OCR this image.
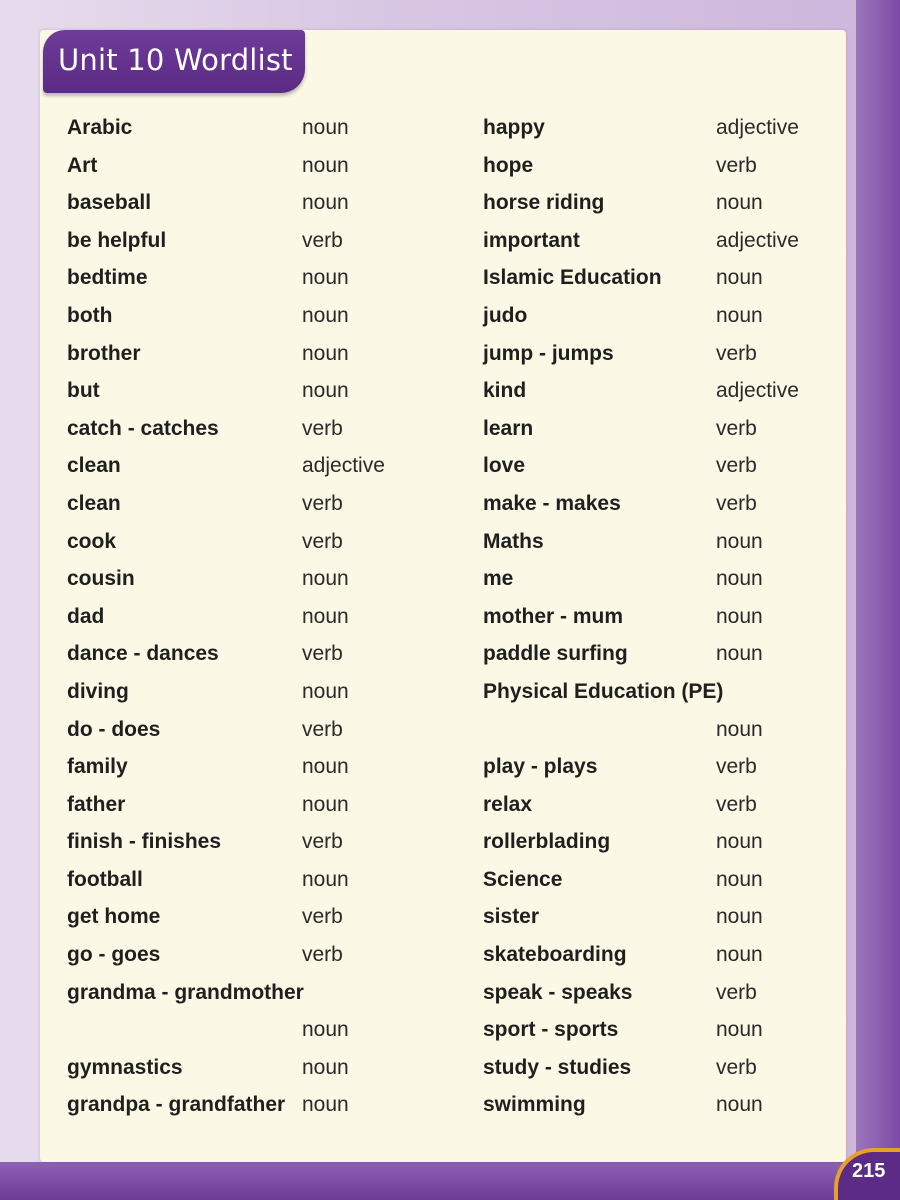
Unit 10 Wordlist
Arabic	noun
Art	noun
baseball	noun
be helpful	verb
bedtime	noun
both	noun
brother	noun
but	noun
catch - catches	verb
clean	adjective
clean	verb
cook	verb
cousin	noun
dad	noun
dance - dances	verb
diving	noun
do - does	verb
family	noun
father	noun
finish - finishes	verb
football	noun
get home	verb
go - goes	verb
grandma - grandmother
noun
gymnastics	noun
grandpa - grandfather noun
happy	adjective
hope	verb
horse riding	noun
important	adjective
Islamic Education	noun
judo	noun
jump - jumps	verb
kind	adjective
learn	verb
love	verb
make - makes	verb
Maths	noun
me	noun
mother - mum	noun
paddle surfing	noun
Physical Education (PE)
noun
play - plays	verb
relax	verb
rollerblading	noun
Science	noun
sister	noun
skateboarding	noun
speak - speaks	verb
sport - sports	noun
study - studies	verb
swimming	noun
215
